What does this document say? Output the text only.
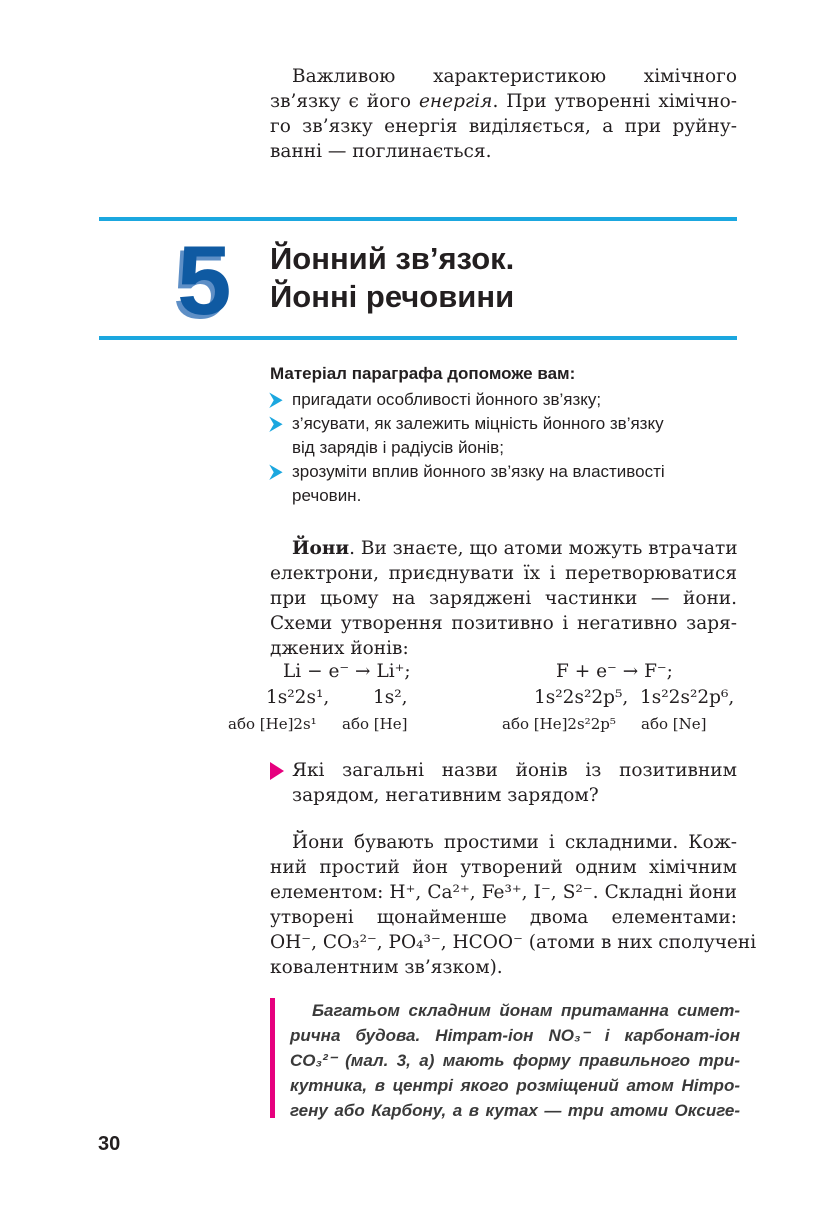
Важливою характеристикою хімічного
зв’язку є його енергія. При утворенні хімічно-
го зв’язку енергія виділяється, а при руйну-
ванні — поглинається.
5 Йонний зв’язок.
Йонні речовини
Матеріал параграфа допоможе вам:
⮞ пригадати особливості йонного зв’язку;
⮞ з’ясувати, як залежить міцність йонного зв’язку
від зарядів і радіусів йонів;
⮞ зрозуміти вплив йонного зв’язку на властивості
речовин.
Йони. Ви знаєте, що атоми можуть втрачати
електрони, приєднувати їх і перетворюватися
при цьому на заряджені частинки — йони.
Схеми утворення позитивно і негативно заря-
джених йонів:
Li − e⁻ → Li⁺;	F + e⁻ → F⁻;
1s²2s¹, 1s²,	1s²2s²2p⁵, 1s²2s²2p⁶,
або [He]2s¹ або [He]	або [He]2s²2p⁵ або [Ne]
Які загальні назви йонів із позитивним
зарядом, негативним зарядом?
Йони бувають простими і складними. Кож-
ний простий йон утворений одним хімічним
елементом: H⁺, Ca²⁺, Fe³⁺, I⁻, S²⁻. Складні йони
утворені щонайменше двома елементами:
OH⁻, CO₃²⁻, PO₄³⁻, HCOO⁻ (атоми в них сполучені
ковалентним зв’язком).
Багатьом складним йонам притаманна симет-
рична будова. Нітрат-іон NO₃⁻ і карбонат-іон
CO₃²⁻ (мал. 3, а) мають форму правильного три-
кутника, в центрі якого розміщений атом Нітро-
гену або Карбону, а в кутах — три атоми Оксиге-
30
